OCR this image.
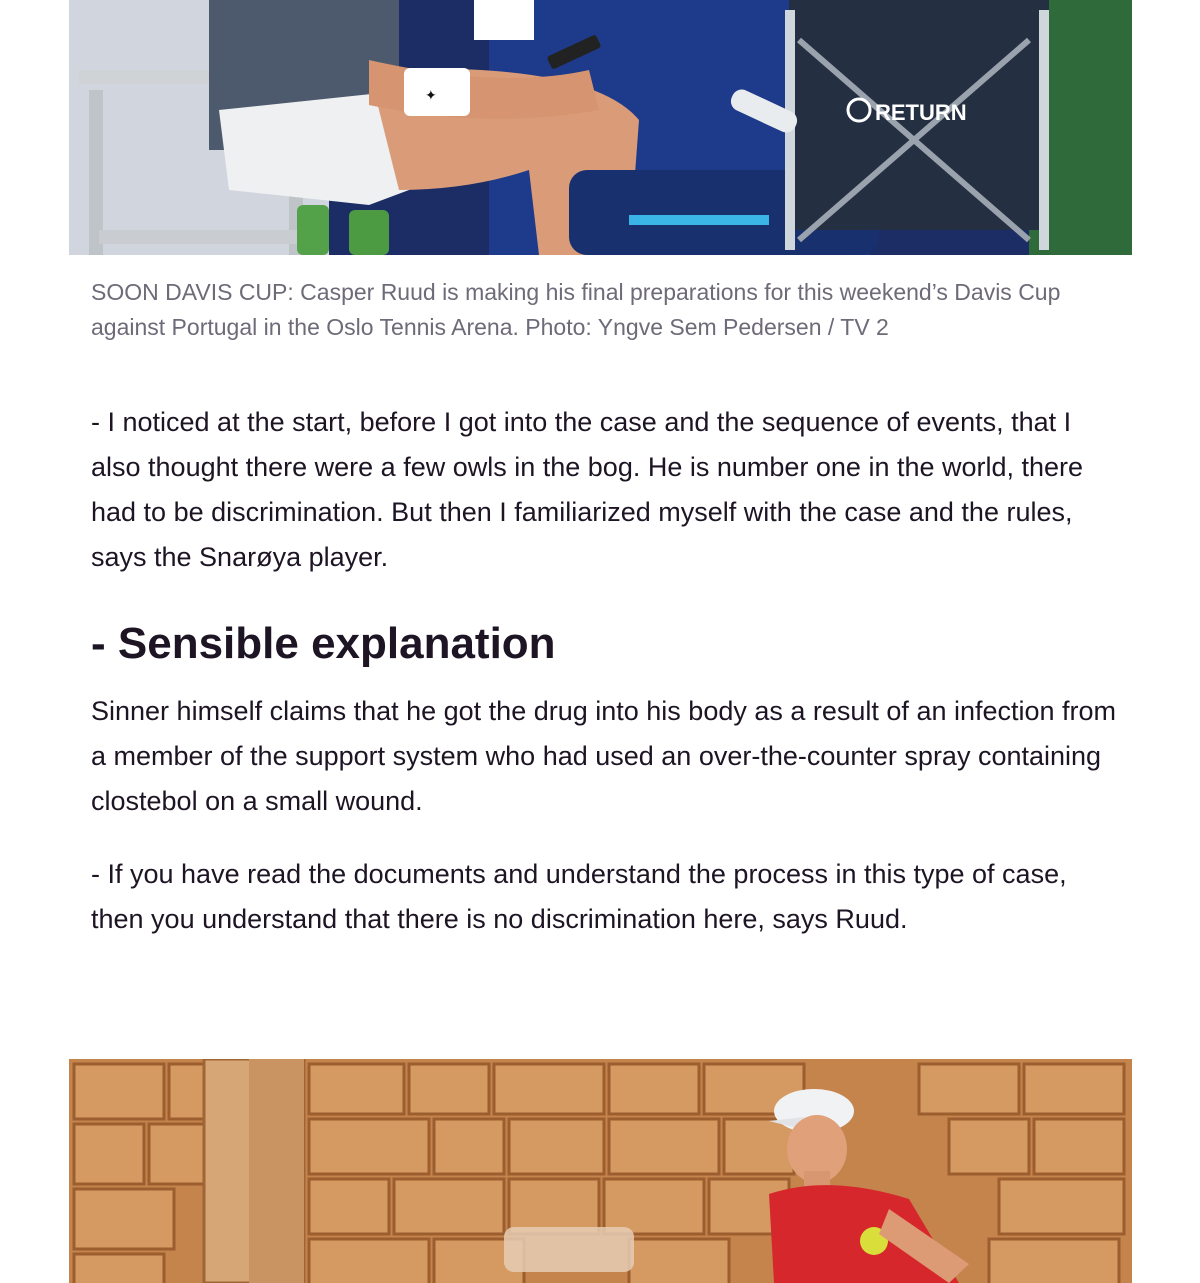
✦
RETURN

SOON DAVIS CUP: Casper Ruud is making his final preparations for this weekend’s Davis Cup against Portugal in the Oslo Tennis Arena. Photo: Yngve Sem Pedersen / TV 2

- I noticed at the start, before I got into the case and the sequence of events, that I also thought there were a few owls in the bog. He is number one in the world, there had to be discrimination. But then I familiarized myself with the case and the rules, says the Snarøya player.

- Sensible explanation

Sinner himself claims that he got the drug into his body as a result of an infection from a member of the support system who had used an over-the-counter spray containing clostebol on a small wound.

- If you have read the documents and understand the process in this type of case, then you understand that there is no discrimination here, says Ruud.
